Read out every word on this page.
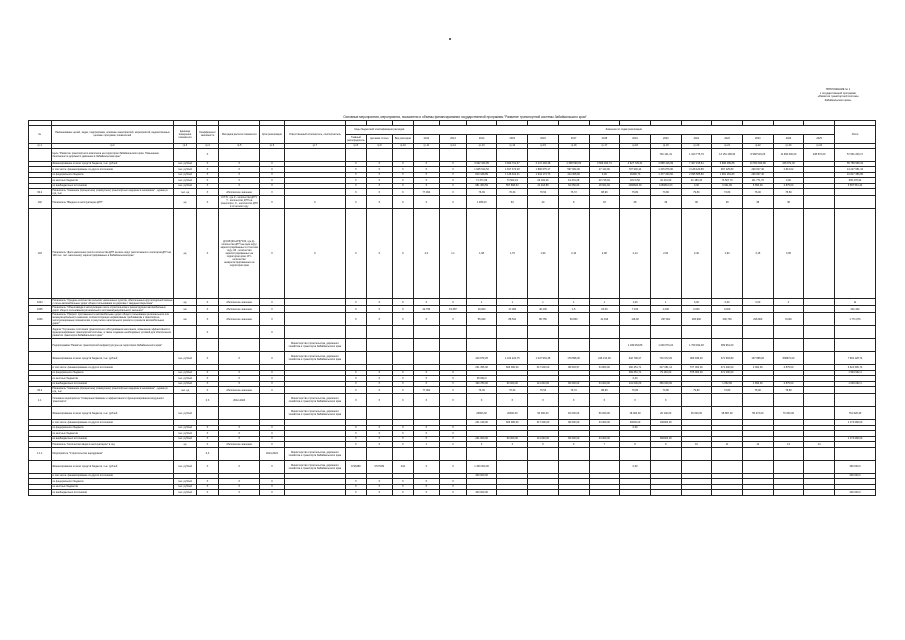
ПРИЛОЖЕНИЕ № 1
к государственной программе
«Развитие транспортной системы
Забайкальского края»
Основные мероприятия, мероприятия, показатели и объемы финансирования государственной программы "Развитие транспортной системы Забайкальского края"

№	Наименование целей, задач, подпрограмм, основных мероприятий, мероприятий, ведомственных целевых программ, показателей	Единица измерения показателя	Коэффициент значимости	Методика расчета показателя	Срок реализации	Ответственный исполнитель, соисполнитель	Коды бюджетной классификации расходов			Значения по годам реализации														Итого
							Главный распорядитель	Целевая статья	Вид расходов	2012	2013	2014	2015	2016	2017	2018	2019	2020	2021	2022	2023	2024	2025	
гр.1	гр.2	гр.3	гр.4	гр.5	гр.6	гр.7	гр.8	гр.9	гр.10	гр.11	гр.12	гр.13	гр.14	гр.15	гр.16	гр.17	гр.18	гр.19	гр.20	гр.21	гр.22	гр.23	гр.24	
	Цель "Развитие транспортного комплекса на территории Забайкальского края. Повышение безопасности дорожного движения в Забайкальском крае"		Х															740 141,31	1 100 775,79	13 154 108,93	8 968 519,26	11 906 000,00	438 872,00	57 661 200,17
	Финансирование из всех средств бюджета, тыс. рублей	тыс. рублей	Х	Х	Х		Х	Х	Х	Х	Х	3 062 334,85	3 849 701,57	3 172 493,38	1 398 599,39	3 566 494,74	4 627 725,31	4 888 416,69	7 407 155,81	6 868 489,88	10 550 840,89	438 872,00		55 758 968,34
	в том числе: финансирование из других источников	тыс. рублей	Х	Х	Х		Х	Х	Х	Х	Х	1 945 514,52	1 817 373,28	1 890 675,17	597 664,90	27 114,36	797 900,44	1 315 876,90	3 148 420,89	997 225,80	290 817,40	2 813,02		14 227 681,34
	из федерального бюджета	тыс. рублей	Х	Х	Х		Х	Х	Х	Х	Х	810 448,89	1 148 302,31	1 944 173,73	414 308,90	0,00	26490,70	1 377 200,90	2 695 585,80	1 991 181,80	290 607,40			10 817 386,86
	из местных бюджетов	тыс. рублей	Х	Х	Х		Х	Х	Х	Х	Х	71 371,09	73 502,19	26 184,26	19 331,28	29 718,92	620 0,50	32 431,90	21 180,43	73 507,70	111 771,70	0,00		605 278,92
	из внебюджетных источников	тыс. рублей	Х	Х	Х		Х	Х	Х	Х	Х	981 363,59	557 868,64	41 418,88	62 056,60	18 604,92	1066600,00	1050810,03	0,00	0 941,80	5 650,00	4 875,00		3 587 561,42
60.2	Показатель "Снижение (процентное) (совокупное) транспортных издержек в экономике" , единиц в год, тыс	тыс. ед	Х	Абсолютное значение	Х		Х	Х	Х	77,064	Х	76,39	76,34	76,54	76,72	88,99	76,80	73,80	79,80	73,80	76,00	78,80		
102	Показатель "Введено в эксплуатацию ДТП"	ед	Х	К=Т/С, где К - количество ДТП; Т - количество ДТП на транспорте; С - количество ДТП в отчетном году	Х	Х	Х	Х	Х	Х	Х	1 485,00	84	40	8	33	38	39	38	38	38	38		
103	Показатель "Доля населения (число количества ДТП на весь округ рассчитанного к категории ДТП на 100 тыс. чел. населения), зарегистрированных в Забайкальском крае"	ед	Х	Д=(КЗ/(КЗ+КН))*100, где Д - количество ДТП на один округ зарегистрированных в отчетном году; КЗ - количество зарегистрированных на территории края; КН - количество незарегистрированных на территории края	Х	Х	Х	Х	Х	2,0	1,1	1,68	1,79	1,90	2,10	2,08	2,14	2,60	2,40	1,90	3,15	3,35		
1004	Показатель "Среднее количество сельских населенных пунктов, обеспеченных круглогодичной связью с сетью автомобильных дорог общего пользования по дорогам с твердым покрытием"	ед	Х	Абсолютное значение	Х		Х	Х	Х	Х	Х	1	1	1	1	1	1,00	1	0,00	0,00	0,00	0		11
1005	Показатель "Объем ввода в эксплуатацию после строительства и реконструкции автомобильных дорог общего пользования регионального или межмуниципального значения"	км	Х	Абсолютное значение	Х		Х	Х	Х	42,796	15,387	10,000	17,000	46,130	1,5	15,00	7,100	1,200	0,000	0,000				201,342
1006	Показатель "Прирост протяженности автомобильных дорог общего пользования регионального или межмуниципального значения, соответствующих нормативным требованиям к транспортно-эксплуатационным показателям, в результате капитального ремонта и ремонта автомобильных дорог"	км	Х	Абсолютное значение	Х		Х	Х	Х	Х	Х	56,940	88,541	86,750	60,800	41,916	118,90	297,821	283,900	200,730	226,800	8,000		1 771,676
	Задача "Улучшение состояния транспортного обслуживания населения, повышение эффективности функционирования транспортной системы, а также создание необходимых условий для обеспечения развития транспорта Забайкальского края"		Х		Х																			
	Подпрограмма "Развитие транспортной инфраструктуры на территории Забайкальского края"					Министерство строительства, дорожного хозяйства и транспорта Забайкальского края											1 199 663,86	1 046 573,24	1 709 492,28	369 961,00				
	Финансирование из всех средств бюджета, тыс. рублей	тыс. рублей	Х	Х	Х	Министерство строительства, дорожного хозяйства и транспорта Забайкальского края						416 879,25	1 104 224,75	1 047 934,38	178 898,30	246 213,09	642 799,27	716 672,00	809 936,20	371 693,80	197 888,00	838672,00		7 694 128,74
	в том числе: финансирование из других источников											231 356,00	606 380,00	317 000,00	98 603,97	34 800,00	160 451,71	317 081,12	577 000,00	471 200,00	2 000,00	4 875,00		3 622 396,74
	из федерального бюджета	тыс. рублей	Х	Х	Х		Х	Х	Х	Х	Х						469 351,71	79 181,00	575 000,00	471 200,00				1 594 932,4
	из местных бюджетов	тыс. рублей	Х	Х	Х		Х	Х	Х	Х	Х	38 090,0					0,00							
	из внебюджетных источников	тыс. рублей	Х	Х	Х		Х	Х	Х	Х	Х	190 780,00	60 000,00	111 000,00	66 000,00	34 000,00	141 000,00	366 000,00		1 652,80	1 650,00	4 875,00		1 036 062,4
60.2	Показатель "Снижение (процентное) (совокупное) транспортных издержек в экономике" , единиц в год, тыс	тыс. ед	Х	Абсолютное значение	Х		Х	Х	Х	77,064	Х	76,39	76,34	76,54	76,72	88,99	76,80	73,80	79,80	73,80	76,00	78,80		
1.1	Основное мероприятие "Совершенствование и эффективности функционирования воздушного транспорта"		0,3	2012-2024		Министерство строительства, дорожного хозяйства и транспорта Забайкальского края	Х	Х	Х	Х	Х	Х	Х	Х	Х	Х	Х	Х						
	Финансирование из всех средств бюджета, тыс. рублей	тыс. рублей				Министерство строительства, дорожного хозяйства и транспорта Забайкальского края						26993,30	20000,00	50 000,00	62 000,00	50 000,00	18 000,00	26 100,00	36 000,00	48 887,00	55 474,00	70 000,00		761 628,46
	в том числе: финансирование из других источников											231 149,00	606 380,00	317 000,00	98 000,00	34 000,00	00000,00	160000,00						1 174 068,00
	из федерального бюджета	тыс. рублей	Х	Х	Х		Х	Х	Х	Х	Х						0,00							
	из местных бюджетов	тыс. рублей	Х	Х	Х		Х	Х	Х	Х	Х													
	из внебюджетных источников	тыс. рублей	Х	Х	Х		Х	Х	Х	Х	Х	231 000,00	60 000,00	111 000,00	66 000,00	34 000,00		360000,00						1 174 068,00
	Показатель "Количество ввода в эксплуатацию" в год	ед	Х	Абсолютное значение	Х		Х	Х	Х	1	2	3	4	5	6	7	8	9	10	11	12	13	14	
1.1.1	Мероприятие "Строительство аэродромов"		0,3		2014-2024	Министерство строительства, дорожного хозяйства и транспорта Забайкальского края																		
	Финансирование из всех средств бюджета, тыс. рублей	тыс. рублей	Х	Х	Х	Министерство строительства, дорожного хозяйства и транспорта Забайкальского края	0716480	0727030	244	Х	Х	1 400 000,00					0,00							460 000,0
	в том числе: финансирование из других источников											400 000,00												400 000,0
	из федерального бюджета	тыс. рублей	Х	Х	Х		Х	Х	Х	Х	Х													
	из местных бюджетов	тыс. рублей	Х	Х	Х		Х	Х	Х	Х	Х													
	из внебюджетных источников	тыс. рублей	Х	Х	Х		Х	Х	Х	Х	Х	400 000,00												400 000,0
